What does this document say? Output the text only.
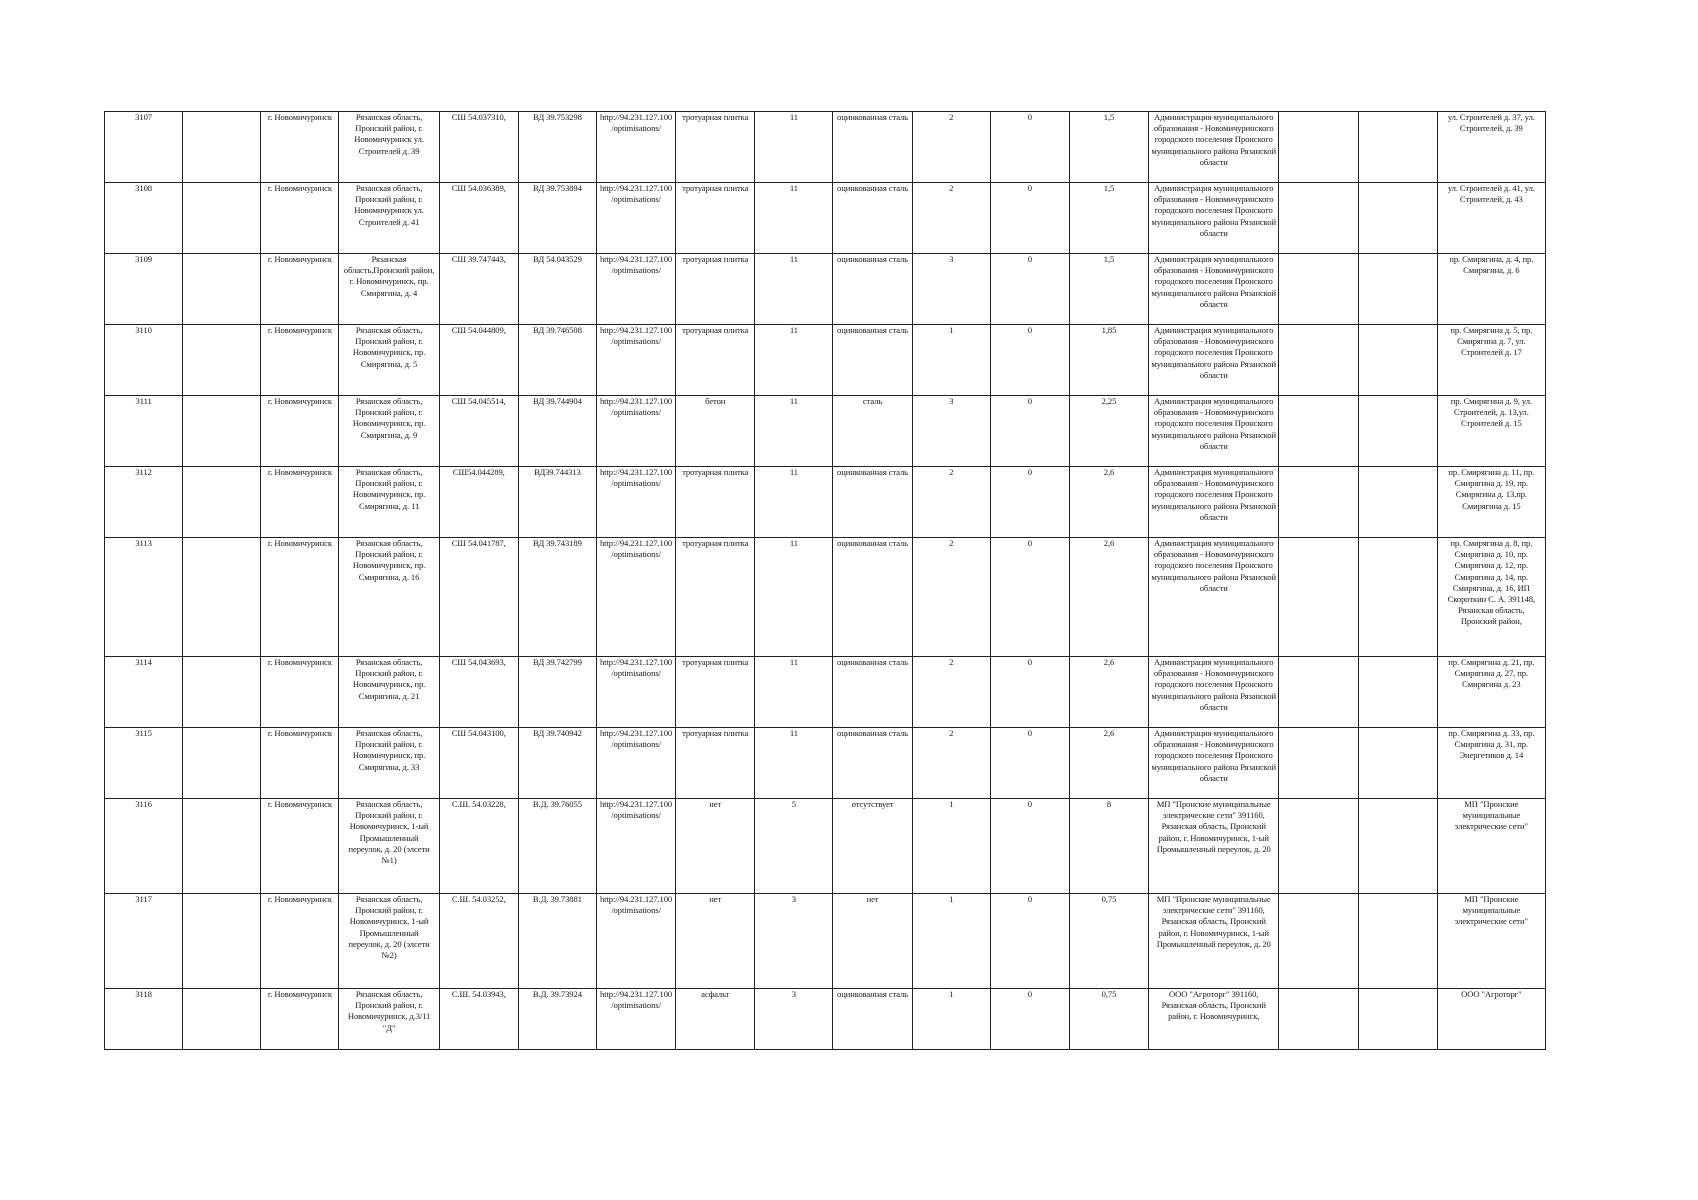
3107		г. Новомичуринск	Рязанская область, Пронский район, г. Новомичуринск ул. Строителей д. 39	СШ 54.037310,	ВД 39.753298	http://94.231.127.100/optimisations/	тротуарная плитка	11	оцинкованная сталь	2	0	1,5	Администрация муниципального образования - Новомичуринского городского поселения Пронского муниципального района Рязанской области			ул. Строителей д. 37, ул. Строителей, д. 39
3108		г. Новомичуринск	Рязанская область, Пронский район, г. Новомичуринск ул. Строителей д. 41	СШ 54.036389,	ВД 39.753894	http://94.231.127.100/optimisations/	тротуарная плитка	11	оцинкованная сталь	2	0	1,5	Администрация муниципального образования - Новомичуринского городского поселения Пронского муниципального района Рязанской области			ул. Строителей д. 41, ул. Строителей, д. 43
3109		г. Новомичуринск	Рязанская область,Пронский район, г. Новомичуринск, пр. Смирягина, д. 4	СШ 39.747443,	ВД 54.043529	http://94.231.127.100/optimisations/	тротуарная плитка	11	оцинкованная сталь	3	0	1,5	Администрация муниципального образования - Новомичуринского городского поселения Пронского муниципального района Рязанской области			пр. Смирягина, д. 4, пр. Смирягина, д. 6
3110		г. Новомичуринск	Рязанская область, Пронский район, г. Новомичуринск, пр. Смирягина, д. 5	СШ 54.044809,	ВД 39.746508	http://94.231.127.100/optimisations/	тротуарная плитка	11	оцинкованная сталь	1	0	1,85	Администрация муниципального образования - Новомичуринского городского поселения Пронского муниципального района Рязанской области			пр. Смирягина д. 5, пр. Смирягина д. 7, ул. Строителей д. 17
3111		г. Новомичуринск	Рязанская область, Пронский район, г. Новомичуринск, пр. Смирягина, д. 9	СШ 54.045514,	ВД 39.744904	http://94.231.127.100/optimisations/	бетон	11	сталь	3	0	2,25	Администрация муниципального образования - Новомичуринского городского поселения Пронского муниципального района Рязанской области			пр. Смирягина д. 9, ул. Строителей, д. 13,ул. Строителей д. 15
3112		г. Новомичуринск	Рязанская область, Пронский район, г. Новомичуринск, пр. Смирягина, д. 11	СШ54.044289,	ВД39.744313	http://94.231.127.100/optimisations/	тротуарная плитка	11	оцинкованная сталь	2	0	2,6	Администрация муниципального образования - Новомичуринского городского поселения Пронского муниципального района Рязанской области			пр. Смирягина д. 11, пр. Смирягина д. 19, пр. Смирягина д. 13,пр. Смирягина д. 15
3113		г. Новомичуринск	Рязанская область, Пронский район, г. Новомичуринск, пр. Смирягина, д. 16	СШ 54.041787,	ВД 39.743189	http://94.231.127.100/optimisations/	тротуарная плитка	11	оцинкованная сталь	2	0	2,6	Администрация муниципального образования - Новомичуринского городского поселения Пронского муниципального района Рязанской области			пр. Смирягина д. 8, пр. Смирягина д. 10, пр. Смирягина д. 12, пр. Смирягина д. 14, пр. Смирягина, д. 16, ИП Скороткин С. А. 391148, Рязанская область, Пронский район,
3114		г. Новомичуринск	Рязанская область, Пронский район, г. Новомичуринск, пр. Смирягина, д. 21	СШ 54.043693,	ВД 39.742799	http://94.231.127.100/optimisations/	тротуарная плитка	11	оцинкованная сталь	2	0	2,6	Администрация муниципального образования - Новомичуринского городского поселения Пронского муниципального района Рязанской области			пр. Смирягина д. 21, пр. Смирягина д. 27, пр. Смирягина д. 23
3115		г. Новомичуринск	Рязанская область, Пронский район, г. Новомичуринск, пр. Смирягина, д. 33	СШ 54.043100,	ВД 39.740942	http://94.231.127.100/optimisations/	тротуарная плитка	11	оцинкованная сталь	2	0	2,6	Администрация муниципального образования - Новомичуринского городского поселения Пронского муниципального района Рязанской области			пр. Смирягина д. 33, пр. Смирягина д. 31, пр. Энергетиков д. 14
3116		г. Новомичуринск	Рязанская область, Пронский район, г. Новомичуринск, 1-ый Промышленный переулок, д. 20 (элсети №1)	С.Ш. 54.03228,	В.Д. 39.76055	http://94.231.127.100/optimisations/	нет	5	отсутствует	1	0	8	МП "Пронские муниципальные электрические сети" 391160, Рязанская область, Пронский район, г. Новомичуринск, 1-ый Промышленный переулок, д. 20			МП "Пронские муниципальные электрические сети"
3117		г. Новомичуринск	Рязанская область, Пронский район, г. Новомичуринск, 1-ый Промышленный переулок, д. 20 (элсети №2)	С.Ш. 54.03252,	В.Д. 39.73881	http://94.231.127.100/optimisations/	нет	3	нет	1	0	0,75	МП "Пронские муниципальные электрические сети" 391160, Рязанская область, Пронский район, г. Новомичуринск, 1-ый Промышленный переулок, д. 20			МП "Пронские муниципальные электрические сети"
3118		г. Новомичуринск	Рязанская область, Пронский район, г. Новомичуринск, д.3/11 "Д"	С.Ш. 54.03943,	В.Д. 39.73924	http://94.231.127.100/optimisations/	асфальт	3	оцинкованная сталь	1	0	0,75	ООО "Агроторг" 391160, Рязанская область, Пронский район, г. Новомичуринск,			ООО "Агроторг"
